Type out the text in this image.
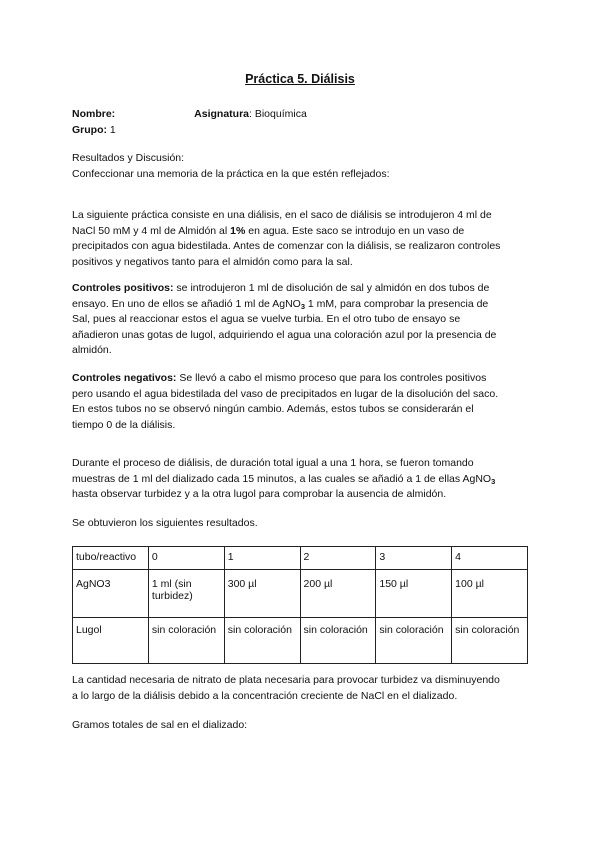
Práctica 5. Diálisis
Nombre:	Asignatura: Bioquímica
Grupo: 1
Resultados y Discusión:
Confeccionar una memoria de la práctica en la que estén reflejados:
La siguiente práctica consiste en una diálisis, en el saco de diálisis se introdujeron 4 ml de
NaCl 50 mM y 4 ml de Almidón al 1% en agua. Este saco se introdujo en un vaso de
precipitados con agua bidestilada. Antes de comenzar con la diálisis, se realizaron controles
positivos y negativos tanto para el almidón como para la sal.
Controles positivos: se introdujeron 1 ml de disolución de sal y almidón en dos tubos de
ensayo. En uno de ellos se añadió 1 ml de AgNO$_3$ 1 mM, para comprobar la presencia de
Sal, pues al reaccionar estos el agua se vuelve turbia. En el otro tubo de ensayo se
añadieron unas gotas de lugol, adquiriendo el agua una coloración azul por la presencia de
almidón.
Controles negativos: Se llevó a cabo el mismo proceso que para los controles positivos
pero usando el agua bidestilada del vaso de precipitados en lugar de la disolución del saco.
En estos tubos no se observó ningún cambio. Además, estos tubos se considerarán el
tiempo 0 de la diálisis.
Durante el proceso de diálisis, de duración total igual a una 1 hora, se fueron tomando
muestras de 1 ml del dializado cada 15 minutos, a las cuales se añadió a 1 de ellas AgNO$_3$
hasta observar turbidez y a la otra lugol para comprobar la ausencia de almidón.
Se obtuvieron los siguientes resultados.
tubo/reactivo	0	1	2	3	4
AgNO3	1 ml (sin turbidez)	300 µl	200 µl	150 µl	100 µl
Lugol	sin coloración	sin coloración	sin coloración	sin coloración	sin coloración
La cantidad necesaria de nitrato de plata necesaria para provocar turbidez va disminuyendo
a lo largo de la diálisis debido a la concentración creciente de NaCl en el dializado.
Gramos totales de sal en el dializado:
